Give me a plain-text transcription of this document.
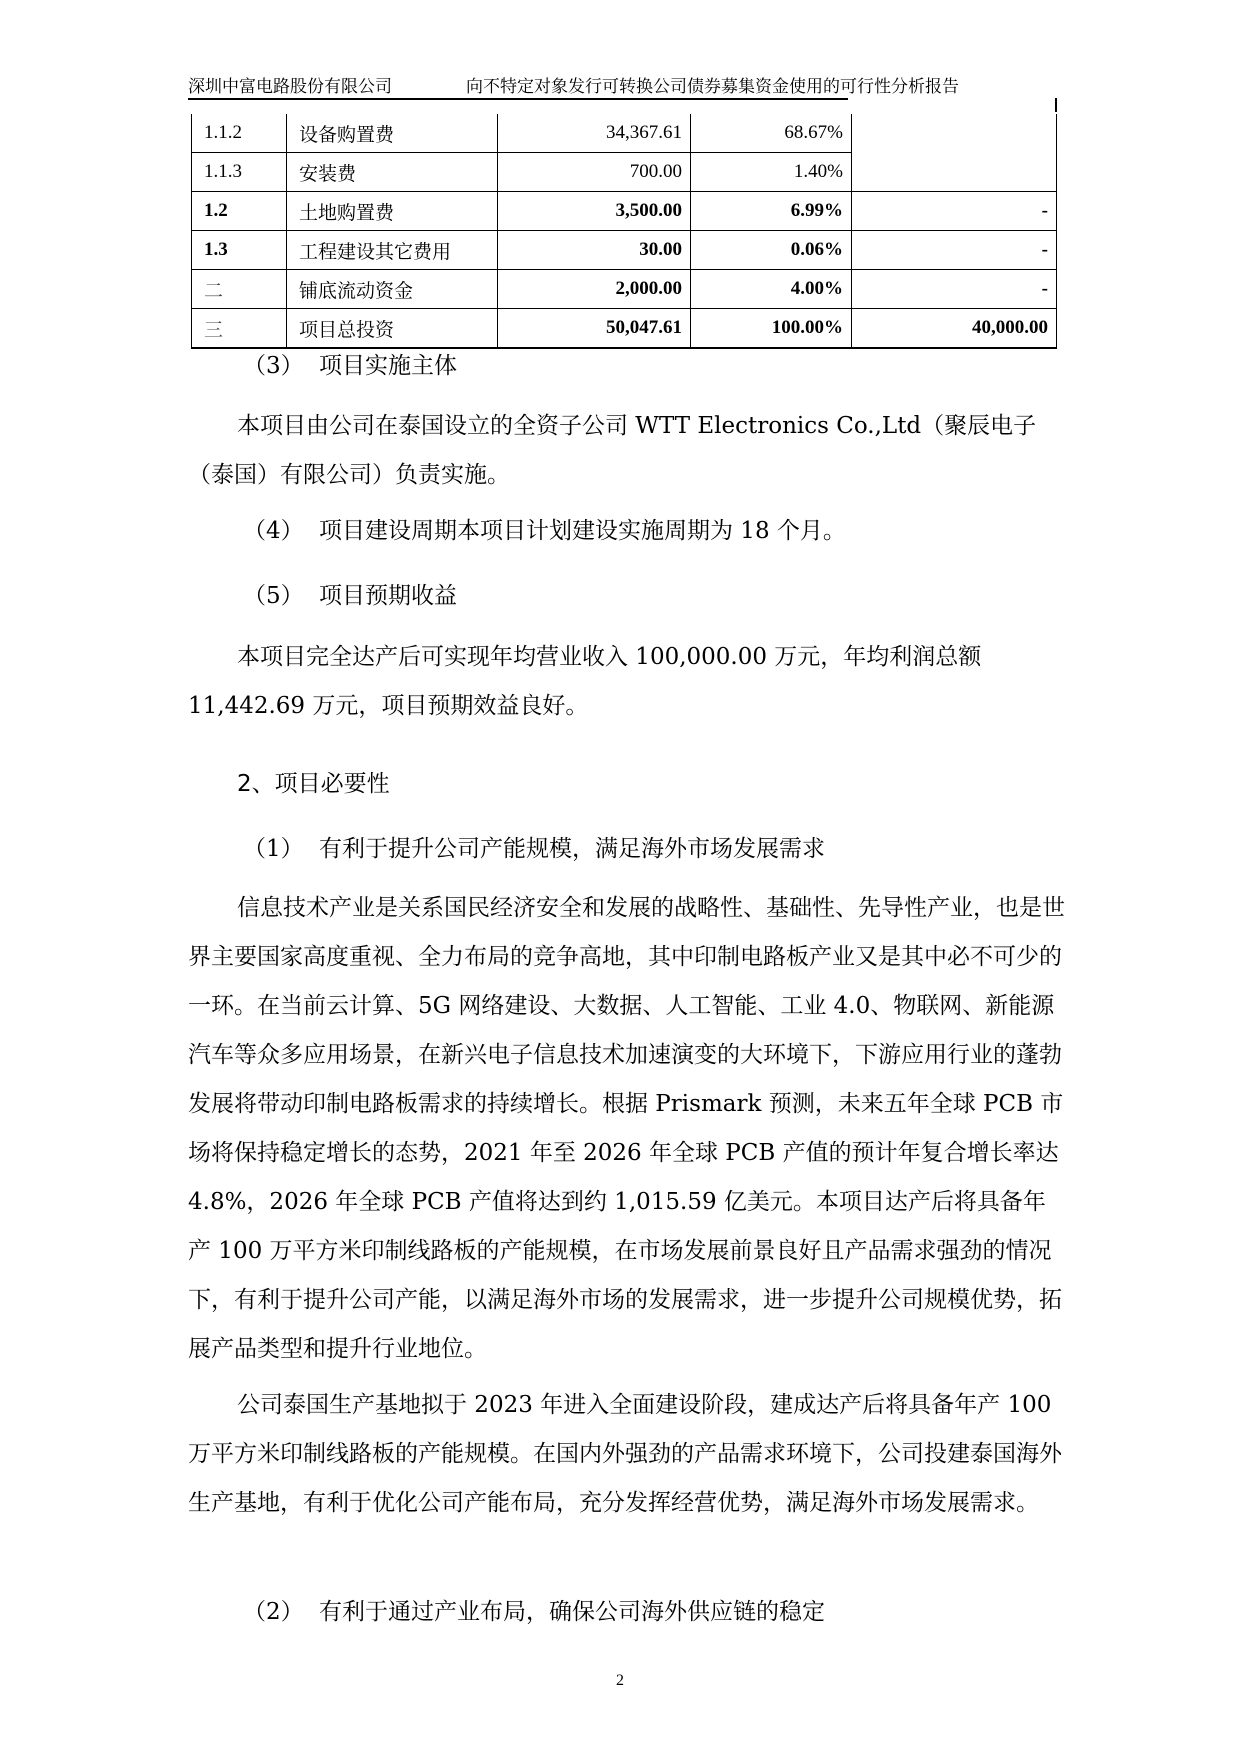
深圳中富电路股份有限公司	向不特定对象发行可转换公司债券募集资金使用的可行性分析报告
1.1.2	设备购置费	34,367.61	68.67%	
1.1.3	安装费	700.00	1.40%	
1.2	土地购置费	3,500.00	6.99%	-
1.3	工程建设其它费用	30.00	0.06%	-
二	铺底流动资金	2,000.00	4.00%	-
三	项目总投资	50,047.61	100.00%	40,000.00
（3） 项目实施主体

本项目由公司在泰国设立的全资子公司 WTT Electronics Co.,Ltd（聚辰电子（泰国）有限公司）负责实施。

（4） 项目建设周期本项目计划建设实施周期为 18 个月。
（5） 项目预期收益

本项目完全达产后可实现年均营业收入 100,000.00 万元，年均利润总额 11,442.69 万元，项目预期效益良好。

2、项目必要性
（1） 有利于提升公司产能规模，满足海外市场发展需求

信息技术产业是关系国民经济安全和发展的战略性、基础性、先导性产业，也是世界主要国家高度重视、全力布局的竞争高地，其中印制电路板产业又是其中必不可少的一环。在当前云计算、5G 网络建设、大数据、人工智能、工业 4.0、物联网、新能源汽车等众多应用场景，在新兴电子信息技术加速演变的大环境下，下游应用行业的蓬勃发展将带动印制电路板需求的持续增长。根据 Prismark 预测，未来五年全球 PCB 市场将保持稳定增长的态势，2021 年至 2026 年全球 PCB 产值的预计年复合增长率达 4.8%，2026 年全球 PCB 产值将达到约 1,015.59 亿美元。本项目达产后将具备年产 100 万平方米印制线路板的产能规模，在市场发展前景良好且产品需求强劲的情况下，有利于提升公司产能，以满足海外市场的发展需求，进一步提升公司规模优势，拓展产品类型和提升行业地位。

公司泰国生产基地拟于 2023 年进入全面建设阶段，建成达产后将具备年产 100 万平方米印制线路板的产能规模。在国内外强劲的产品需求环境下，公司投建泰国海外生产基地，有利于优化公司产能布局，充分发挥经营优势，满足海外市场发展需求。

（2） 有利于通过产业布局，确保公司海外供应链的稳定
2
